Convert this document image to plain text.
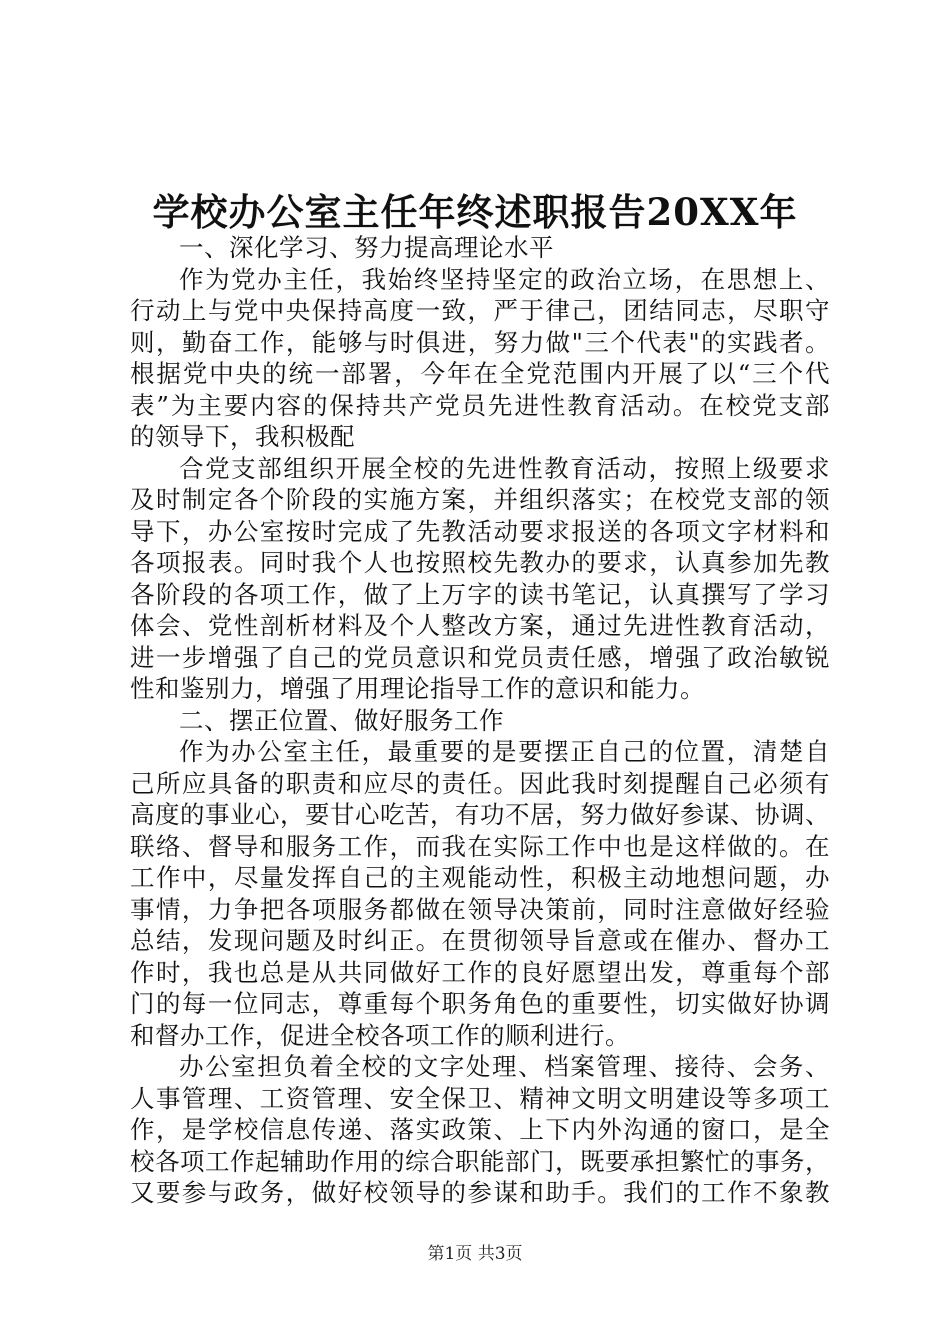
学校办公室主任年终述职报告20XX年
一、深化学习、努力提高理论水平
作为党办主任，我始终坚持坚定的政治立场，在思想上、
行动上与党中央保持高度一致，严于律己，团结同志，尽职守
则，勤奋工作，能够与时俱进，努力做"三个代表"的实践者。
根据党中央的统一部署，今年在全党范围内开展了以“三个代
表”为主要内容的保持共产党员先进性教育活动。在校党支部
的领导下，我积极配
合党支部组织开展全校的先进性教育活动，按照上级要求
及时制定各个阶段的实施方案，并组织落实；在校党支部的领
导下，办公室按时完成了先教活动要求报送的各项文字材料和
各项报表。同时我个人也按照校先教办的要求，认真参加先教
各阶段的各项工作，做了上万字的读书笔记，认真撰写了学习
体会、党性剖析材料及个人整改方案，通过先进性教育活动，
进一步增强了自己的党员意识和党员责任感，增强了政治敏锐
性和鉴别力，增强了用理论指导工作的意识和能力。
二、摆正位置、做好服务工作
作为办公室主任，最重要的是要摆正自己的位置，清楚自
己所应具备的职责和应尽的责任。因此我时刻提醒自己必须有
高度的事业心，要甘心吃苦，有功不居，努力做好参谋、协调、
联络、督导和服务工作，而我在实际工作中也是这样做的。在
工作中，尽量发挥自己的主观能动性，积极主动地想问题，办
事情，力争把各项服务都做在领导决策前，同时注意做好经验
总结，发现问题及时纠正。在贯彻领导旨意或在催办、督办工
作时，我也总是从共同做好工作的良好愿望出发，尊重每个部
门的每一位同志，尊重每个职务角色的重要性，切实做好协调
和督办工作，促进全校各项工作的顺利进行。
办公室担负着全校的文字处理、档案管理、接待、会务、
人事管理、工资管理、安全保卫、精神文明文明建设等多项工
作，是学校信息传递、落实政策、上下内外沟通的窗口，是全
校各项工作起辅助作用的综合职能部门，既要承担繁忙的事务，
又要参与政务，做好校领导的参谋和助手。我们的工作不象教
第1页 共3页
